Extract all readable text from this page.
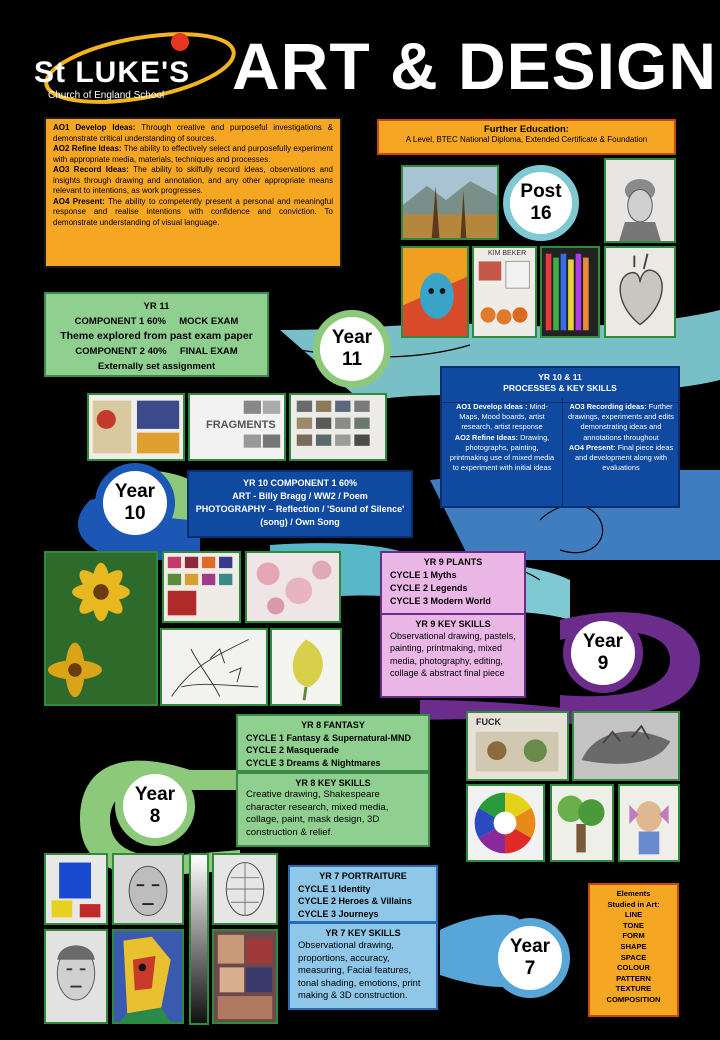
St LUKE'S
Church of England School ART & DESIGN
AO1 Develop Ideas: Through creative and purposeful investigations & demonstrate critical understanding of sources.
AO2 Refine Ideas: The ability to effectively select and purposefully experiment with appropriate media, materials, techniques and processes.
AO3 Record Ideas: The ability to skilfully record ideas, observations and insights through drawing and annotation, and any other appropriate means relevant to intentions, as work progresses.
AO4 Present: The ability to competently present a personal and meaningful response and realise intentions with confidence and conviction. To demonstrate understanding of visual language.
Further Education:
A Level, BTEC National Diploma, Extended Certificate & Foundation
Post
16
KIM BEKER
YR 11
COMPONENT 1 60%     MOCK EXAM
Theme explored from past exam paper
COMPONENT 2 40%     FINAL EXAM
Externally set assignment
Year
11
YR 10 & 11
PROCESSES & KEY SKILLS
AO1 Develop Ideas : Mind-Maps, Mood boards, artist research, artist response
AO2 Refine Ideas: Drawing, photographs, painting, printmaking use of mixed media to experiment with initial ideas
AO3 Recording ideas: Further drawings, experiments and edits demonstrating ideas and annotations throughout
AO4 Present: Final piece ideas and development along with evaluations
FRAGMENTS
Year
10
YR 10 COMPONENT 1 60%
ART - Billy Bragg / WW2 / Poem
PHOTOGRAPHY – Reflection / 'Sound of Silence'
(song) / Own Song
YR 9 PLANTS
CYCLE 1 Myths
CYCLE 2 Legends
CYCLE 3 Modern World
YR 9 KEY SKILLS
Observational drawing, pastels, painting, printmaking, mixed media, photography, editing, collage & abstract final piece
Year
9
YR 8 FANTASY
CYCLE 1 Fantasy & Supernatural-MND
CYCLE 2 Masquerade
CYCLE 3 Dreams & Nightmares
YR 8 KEY SKILLS
Creative drawing, Shakespeare character research, mixed media, collage, paint, mask design, 3D construction & relief.
Year
8
FUCK
YR 7 PORTRAITURE
CYCLE 1 Identity
CYCLE 2 Heroes & Villains
CYCLE 3 Journeys
YR 7 KEY SKILLS
Observational drawing, proportions, accuracy, measuring, Facial features, tonal shading, emotions, print making & 3D construction.
Year
7
Elements
Studied in Art:
LINE
TONE
FORM
SHAPE
SPACE
COLOUR
PATTERN
TEXTURE
COMPOSITION
